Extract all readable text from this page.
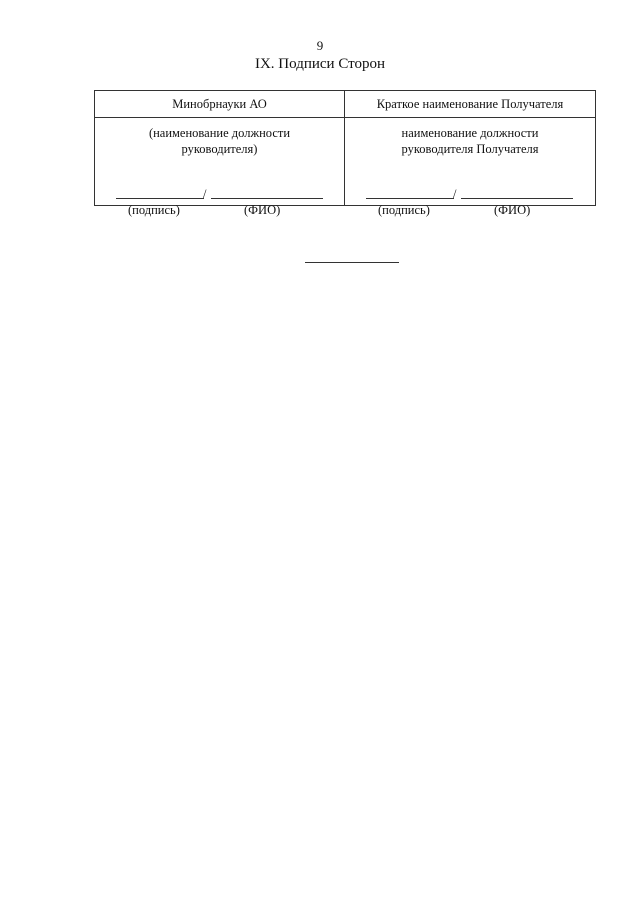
9
IX. Подписи Сторон
Минобрнауки АО	Краткое наименование Получателя
(наименование должности
руководителя)
/
(подпись)	(ФИО)
наименование должности
руководителя Получателя
/
(подпись)	(ФИО)
